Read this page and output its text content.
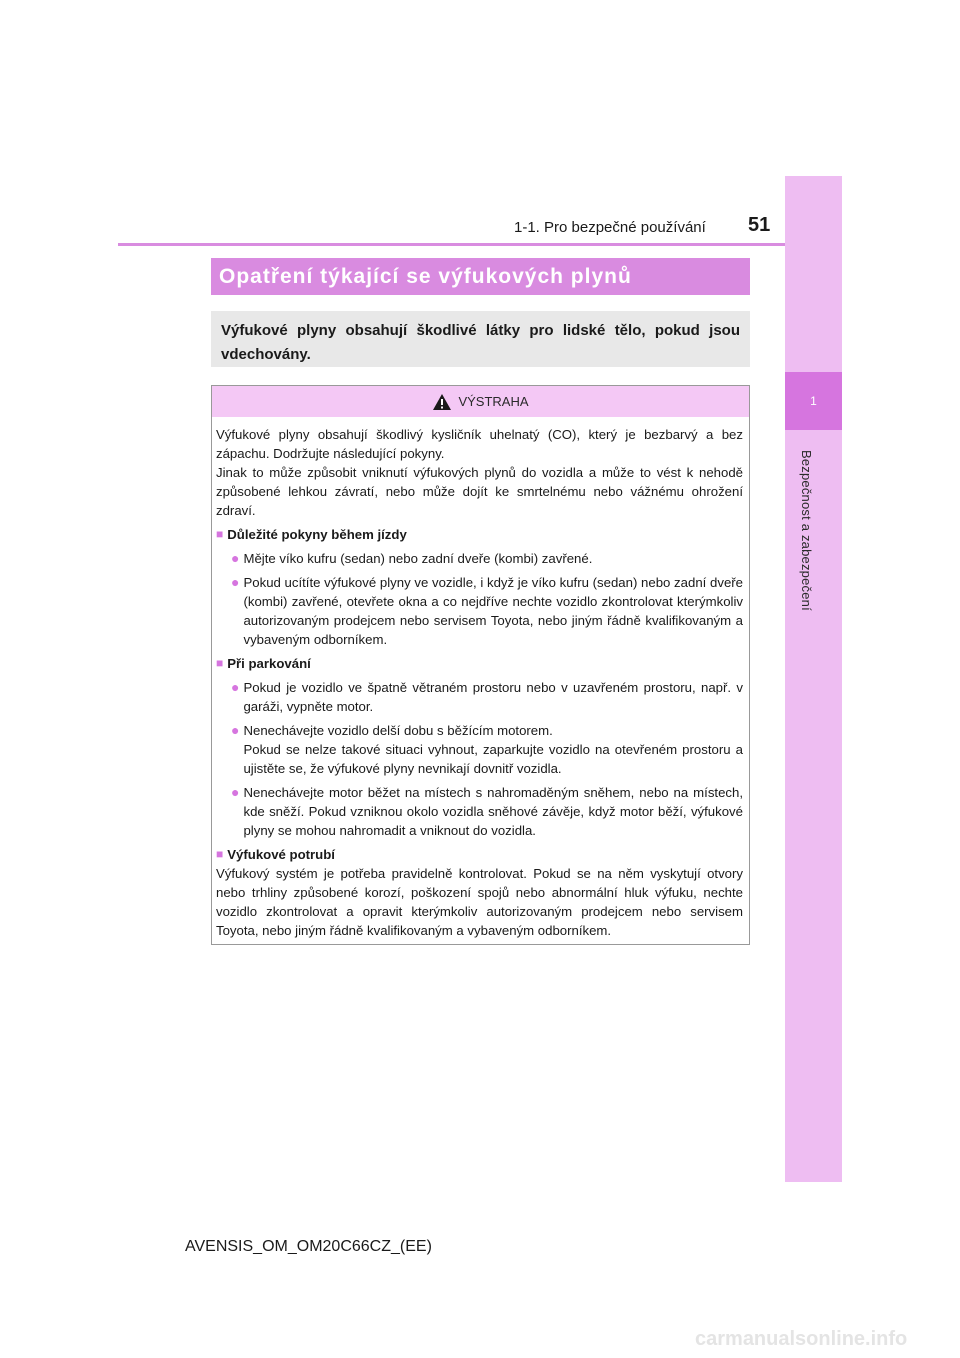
1
Bezpečnost a zabezpečení
1-1. Pro bezpečné používání 51
Opatření týkající se výfukových plynů
Výfukové plyny obsahují škodlivé látky pro lidské tělo, pokud jsou vdechovány.
VÝSTRAHA

Výfukové plyny obsahují škodlivý kysličník uhelnatý (CO), který je bezbarvý a bez zápachu. Dodržujte následující pokyny.

Jinak to může způsobit vniknutí výfukových plynů do vozidla a může to vést k nehodě způsobené lehkou závratí, nebo může dojít ke smrtelnému nebo vážnému ohrožení zdraví.

■ Důležité pokyny během jízdy
● Mějte víko kufru (sedan) nebo zadní dveře (kombi) zavřené.
● Pokud ucítíte výfukové plyny ve vozidle, i když je víko kufru (sedan) nebo zadní dveře (kombi) zavřené, otevřete okna a co nejdříve nechte vozidlo zkontrolovat kterýmkoliv autorizovaným prodejcem nebo servisem Toyota, nebo jiným řádně kvalifikovaným a vybaveným odborníkem.
■ Při parkování
● Pokud je vozidlo ve špatně větraném prostoru nebo v uzavřeném prostoru, např. v garáži, vypněte motor.
● Nenechávejte vozidlo delší dobu s běžícím motorem.
Pokud se nelze takové situaci vyhnout, zaparkujte vozidlo na otevřeném prostoru a ujistěte se, že výfukové plyny nevnikají dovnitř vozidla.
● Nenechávejte motor běžet na místech s nahromaděným sněhem, nebo na místech, kde sněží. Pokud vzniknou okolo vozidla sněhové závěje, když motor běží, výfukové plyny se mohou nahromadit a vniknout do vozidla.
■ Výfukové potrubí

Výfukový systém je potřeba pravidelně kontrolovat. Pokud se na něm vyskytují otvory nebo trhliny způsobené korozí, poškození spojů nebo abnormální hluk výfuku, nechte vozidlo zkontrolovat a opravit kterýmkoliv autorizovaným prodejcem nebo servisem Toyota, nebo jiným řádně kvalifikovaným a vybaveným odborníkem.

AVENSIS_OM_OM20C66CZ_(EE)
carmanualsonline.info
